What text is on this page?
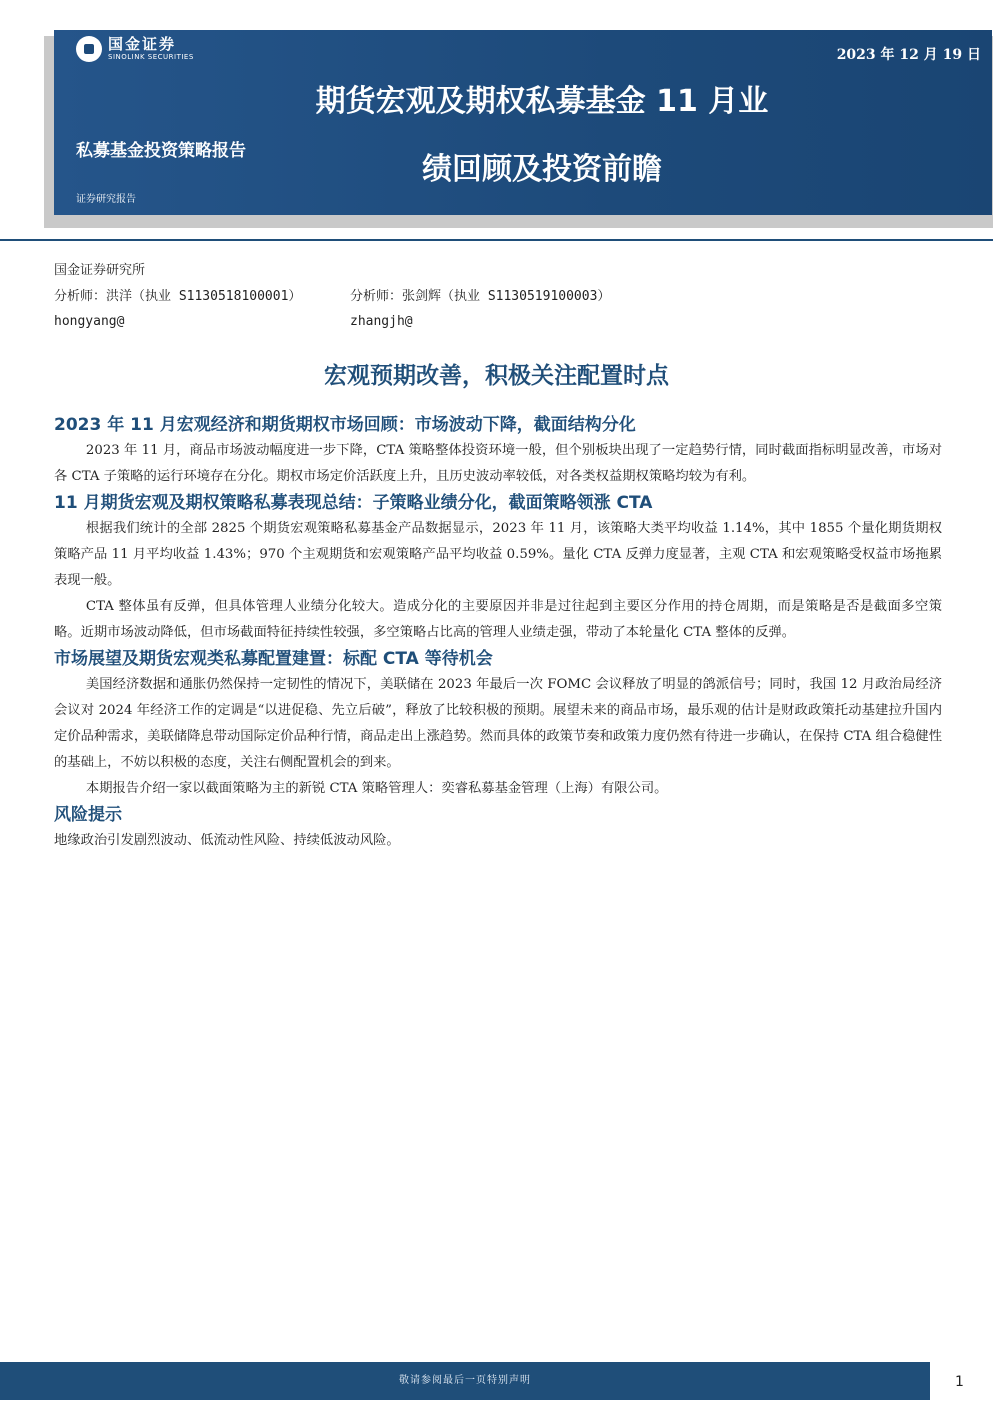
国金证券
SINOLINK SECURITIES	2023 年 12 月 19 日
期货宏观及期权私募基金 11 月业
绩回顾及投资前瞻
私募基金投资策略报告
证券研究报告
国金证券研究所
分析师：洪洋（执业 S1130518100001）	分析师：张剑辉（执业 S1130519100003）
hongyang@	zhangjh@
宏观预期改善，积极关注配置时点
2023 年 11 月宏观经济和期货期权市场回顾：市场波动下降，截面结构分化

2023 年 11 月，商品市场波动幅度进一步下降，CTA 策略整体投资环境一般，但个别板块出现了一定趋势行情，同时截面指标明显改善，市场对各 CTA 子策略的运行环境存在分化。期权市场定价活跃度上升，且历史波动率较低，对各类权益期权策略均较为有利。

11 月期货宏观及期权策略私募表现总结：子策略业绩分化，截面策略领涨 CTA

根据我们统计的全部 2825 个期货宏观策略私募基金产品数据显示，2023 年 11 月，该策略大类平均收益 1.14%，其中 1855 个量化期货期权策略产品 11 月平均收益 1.43%；970 个主观期货和宏观策略产品平均收益 0.59%。量化 CTA 反弹力度显著，主观 CTA 和宏观策略受权益市场拖累表现一般。

CTA 整体虽有反弹，但具体管理人业绩分化较大。造成分化的主要原因并非是过往起到主要区分作用的持仓周期，而是策略是否是截面多空策略。近期市场波动降低，但市场截面特征持续性较强，多空策略占比高的管理人业绩走强，带动了本轮量化 CTA 整体的反弹。

市场展望及期货宏观类私募配置建置：标配 CTA 等待机会

美国经济数据和通胀仍然保持一定韧性的情况下，美联储在 2023 年最后一次 FOMC 会议释放了明显的鸽派信号；同时，我国 12 月政治局经济会议对 2024 年经济工作的定调是“以进促稳、先立后破”，释放了比较积极的预期。展望未来的商品市场，最乐观的估计是财政政策托动基建拉升国内定价品种需求，美联储降息带动国际定价品种行情，商品走出上涨趋势。然而具体的政策节奏和政策力度仍然有待进一步确认，在保持 CTA 组合稳健性的基础上，不妨以积极的态度，关注右侧配置机会的到来。

本期报告介绍一家以截面策略为主的新锐 CTA 策略管理人：奕睿私募基金管理（上海）有限公司。

风险提示

地缘政治引发剧烈波动、低流动性风险、持续低波动风险。

敬请参阅最后一页特别声明	1
